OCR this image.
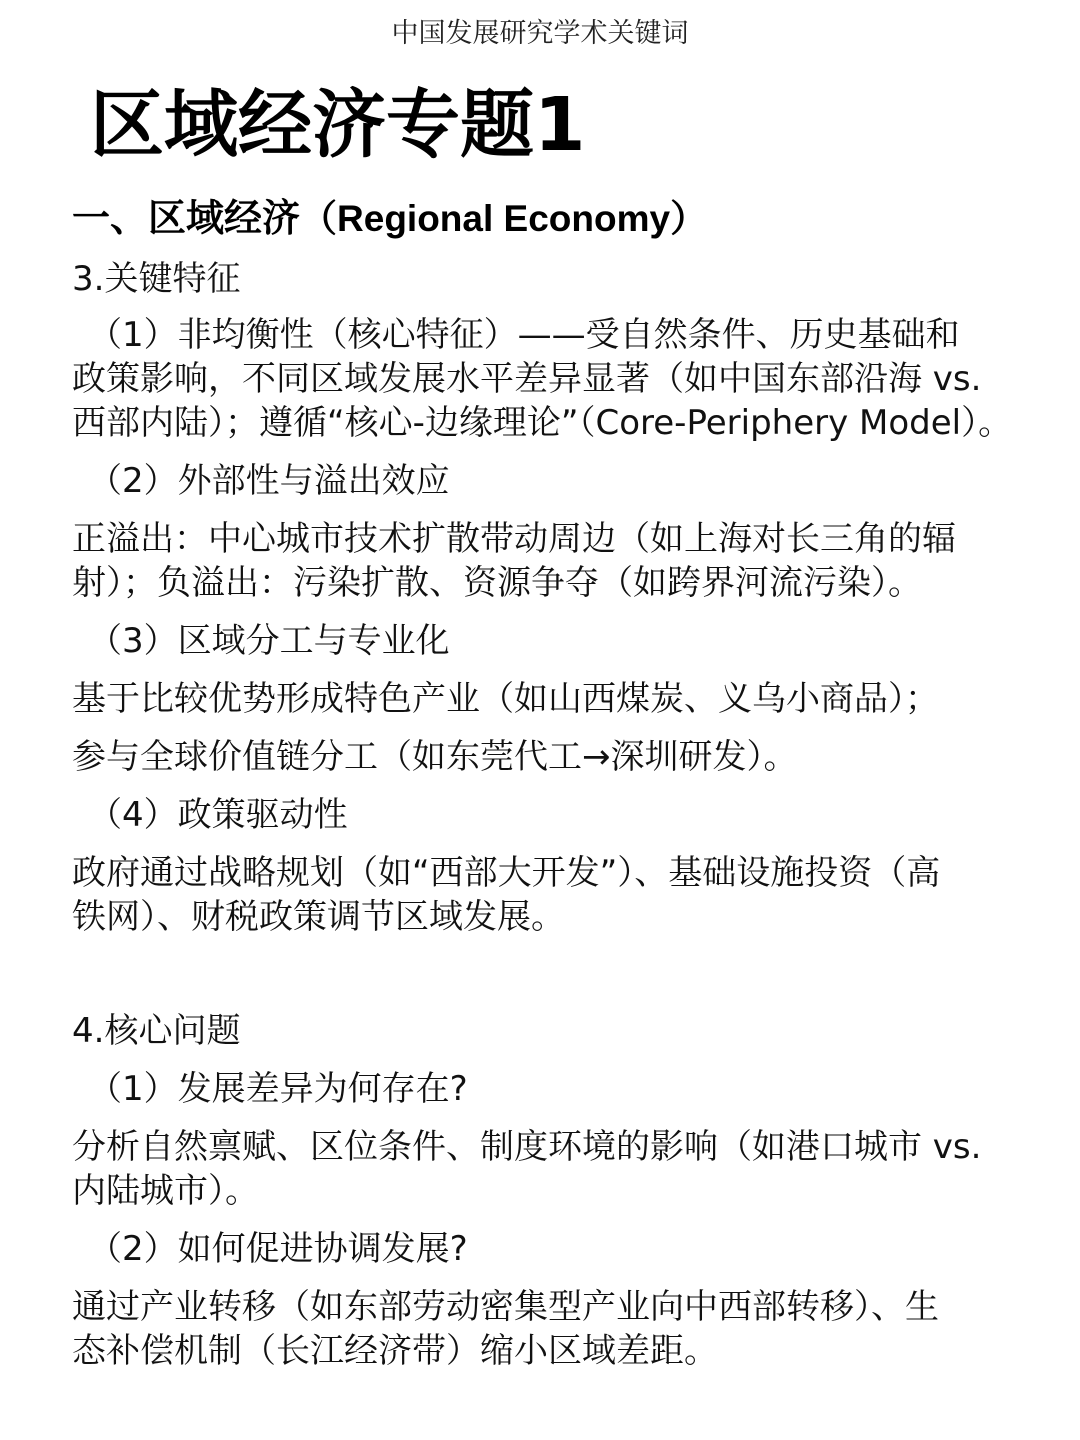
中国发展研究学术关键词
区域经济专题1
一、区域经济（Regional Economy）
3.关键特征
（1）非均衡性（核心特征）——受自然条件、历史基础和
政策影响，不同区域发展水平差异显著（如中国东部沿海 vs.
西部内陆）；遵循“核心-边缘理论”（Core-Periphery Model）。
（2）外部性与溢出效应
正溢出：中心城市技术扩散带动周边（如上海对长三角的辐
射）；负溢出：污染扩散、资源争夺（如跨界河流污染）。
（3）区域分工与专业化
基于比较优势形成特色产业（如山西煤炭、义乌小商品）；
参与全球价值链分工（如东莞代工→深圳研发）。
（4）政策驱动性
政府通过战略规划（如“西部大开发”）、基础设施投资（高
铁网）、财税政策调节区域发展。
4.核心问题
（1）发展差异为何存在?
分析自然禀赋、区位条件、制度环境的影响（如港口城市 vs.
内陆城市）。
（2）如何促进协调发展?
通过产业转移（如东部劳动密集型产业向中西部转移）、生
态补偿机制（长江经济带）缩小区域差距。
